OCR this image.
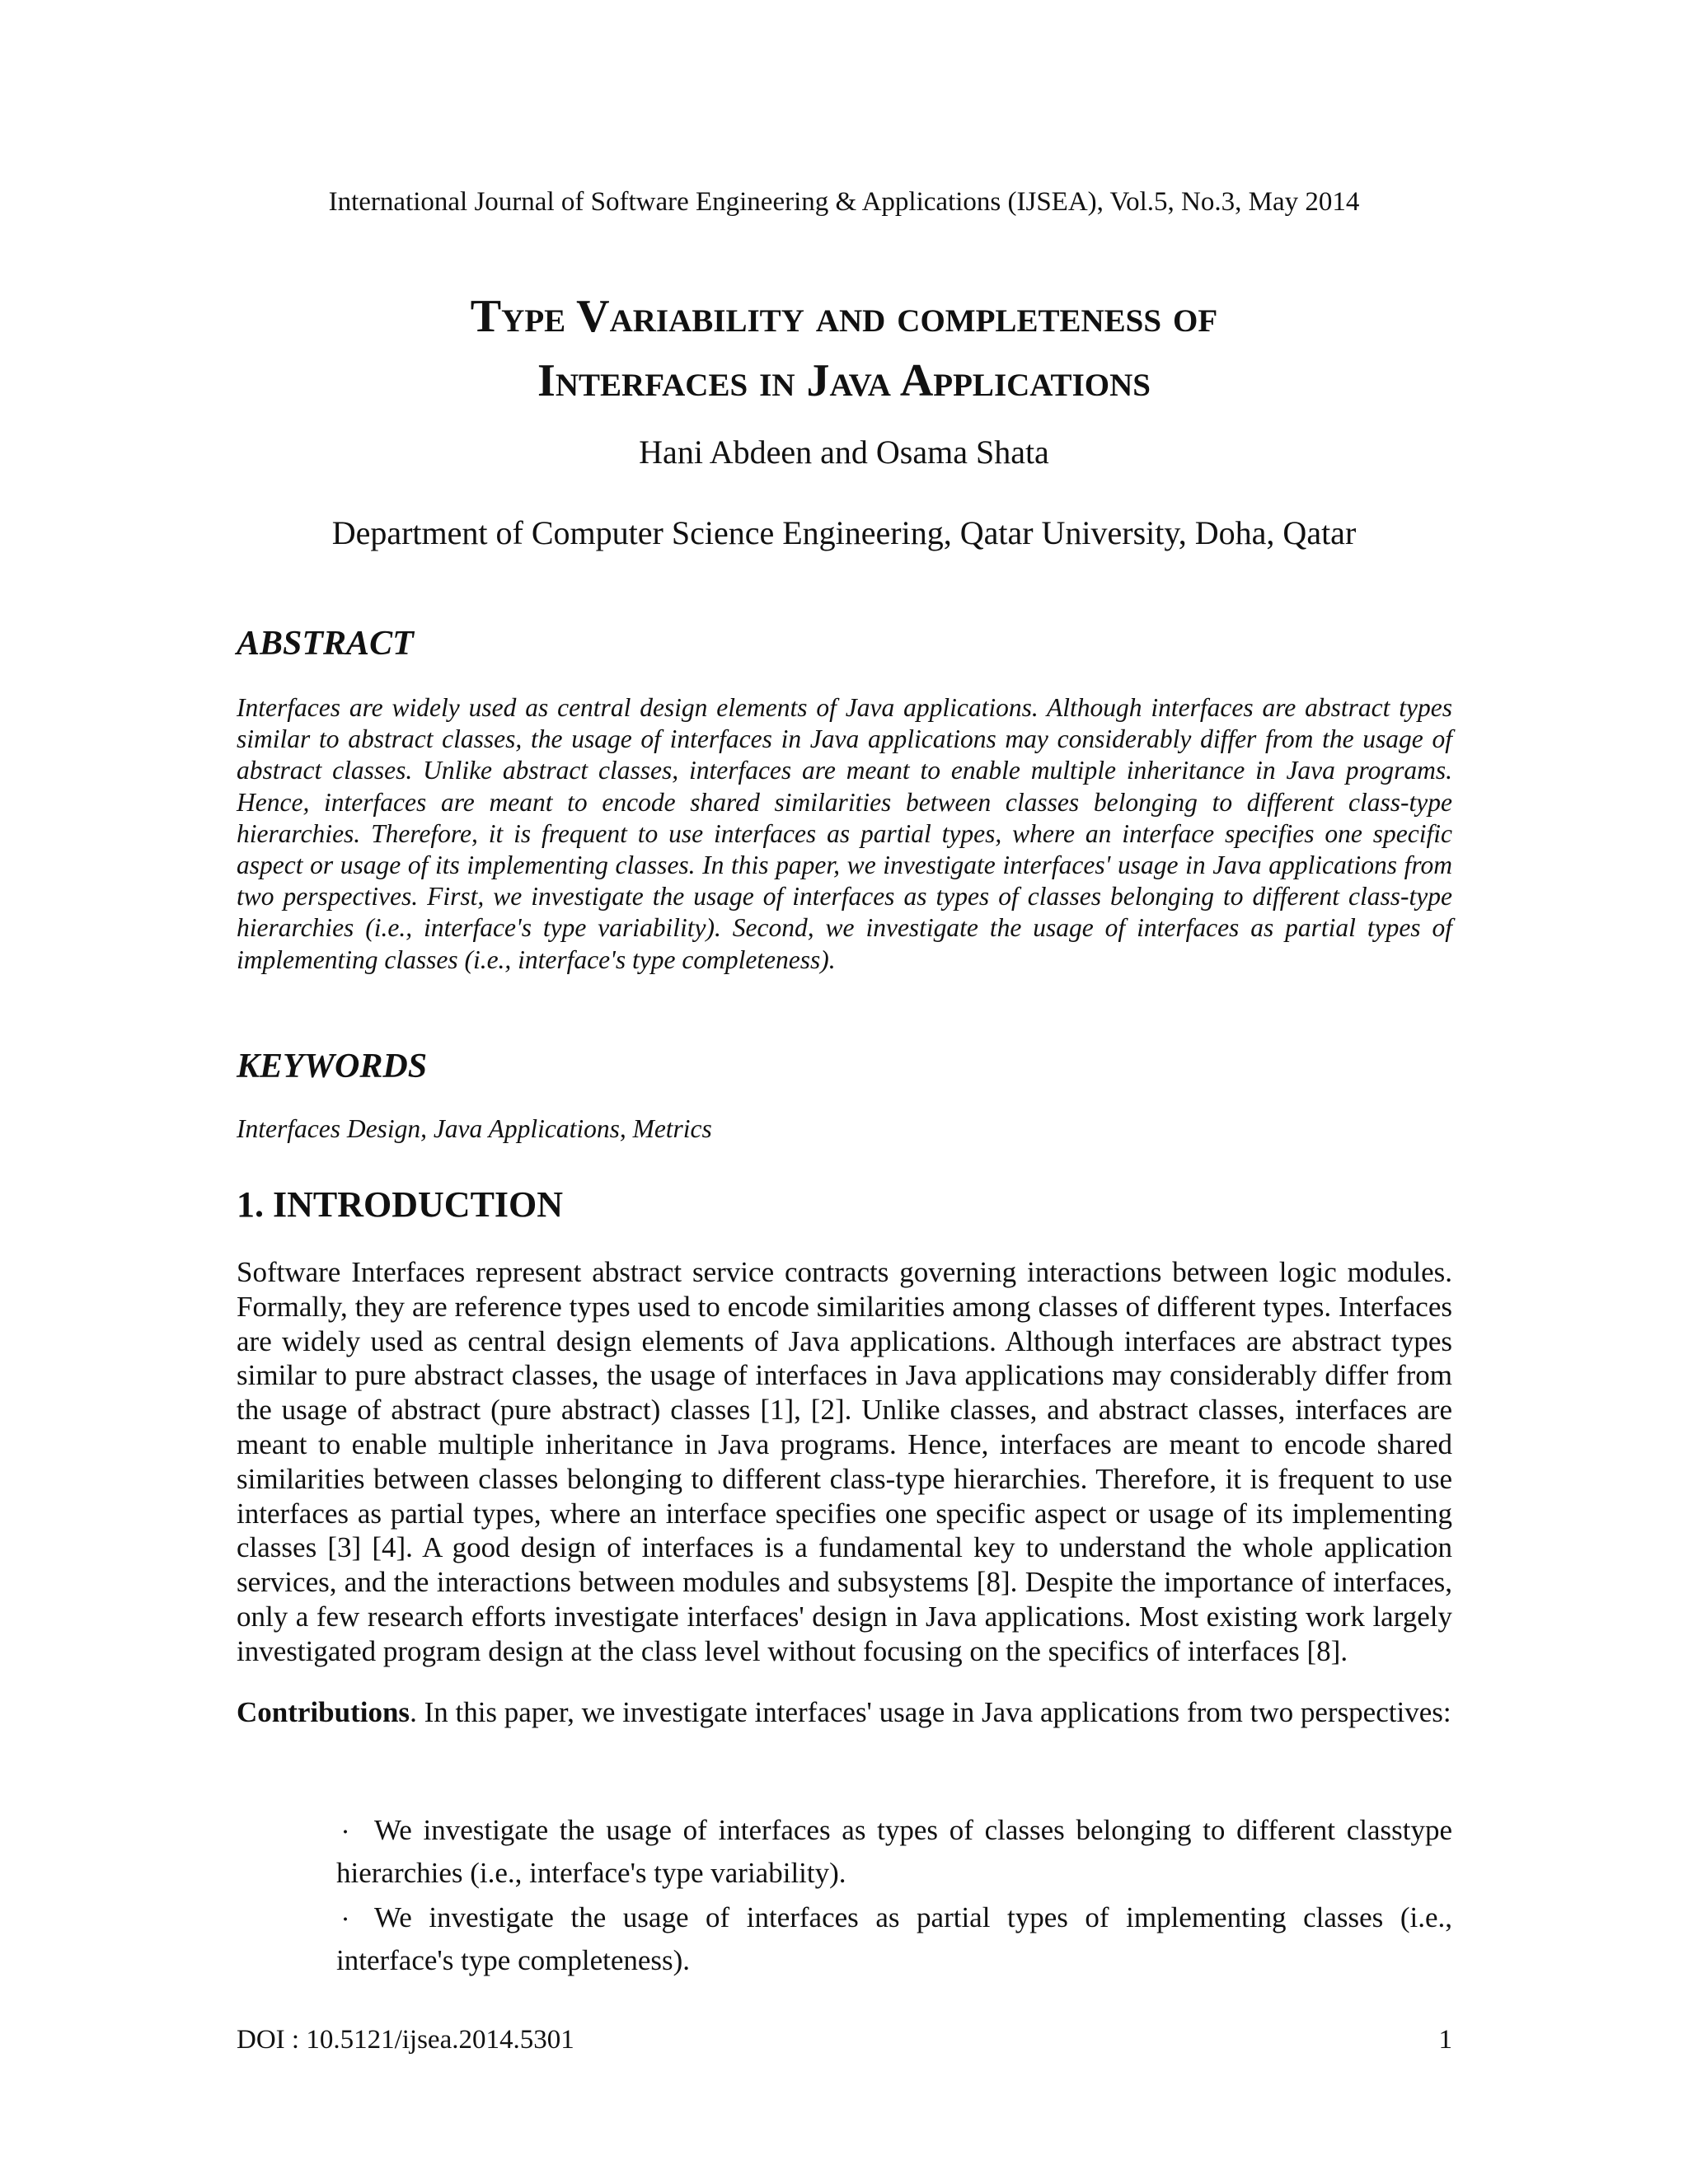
International Journal of Software Engineering & Applications (IJSEA), Vol.5, No.3, May 2014
Type Variability and completeness of
Interfaces in Java Applications
Hani Abdeen and Osama Shata
Department of Computer Science Engineering, Qatar University, Doha, Qatar
ABSTRACT

Interfaces are widely used as central design elements of Java applications. Although interfaces are abstract types similar to abstract classes, the usage of interfaces in Java applications may considerably differ from the usage of abstract classes. Unlike abstract classes, interfaces are meant to enable multiple inheritance in Java programs. Hence, interfaces are meant to encode shared similarities between classes belonging to different class-type hierarchies. Therefore, it is frequent to use interfaces as partial types, where an interface specifies one specific aspect or usage of its implementing classes. In this paper, we investigate interfaces' usage in Java applications from two perspectives. First, we investigate the usage of interfaces as types of classes belonging to different class-type hierarchies (i.e., interface's type variability). Second, we investigate the usage of interfaces as partial types of implementing classes (i.e., interface's type completeness).

KEYWORDS

Interfaces Design, Java Applications, Metrics

1. INTRODUCTION

Software Interfaces represent abstract service contracts governing interactions between logic modules. Formally, they are reference types used to encode similarities among classes of different types. Interfaces are widely used as central design elements of Java applications. Although interfaces are abstract types similar to pure abstract classes, the usage of interfaces in Java applications may considerably differ from the usage of abstract (pure abstract) classes [1], [2]. Unlike classes, and abstract classes, interfaces are meant to enable multiple inheritance in Java programs. Hence, interfaces are meant to encode shared similarities between classes belonging to different class-type hierarchies. Therefore, it is frequent to use interfaces as partial types, where an interface specifies one specific aspect or usage of its implementing classes [3] [4]. A good design of interfaces is a fundamental key to understand the whole application services, and the interactions between modules and subsystems [8]. Despite the importance of interfaces, only a few research efforts investigate interfaces' design in Java applications. Most existing work largely investigated program design at the class level without focusing on the specifics of interfaces [8].

Contributions. In this paper, we investigate interfaces' usage in Java applications from two perspectives:

・ We investigate the usage of interfaces as types of classes belonging to different classtype hierarchies (i.e., interface's type variability).
・ We investigate the usage of interfaces as partial types of implementing classes (i.e., interface's type completeness).
DOI : 10.5121/ijsea.2014.5301	1
